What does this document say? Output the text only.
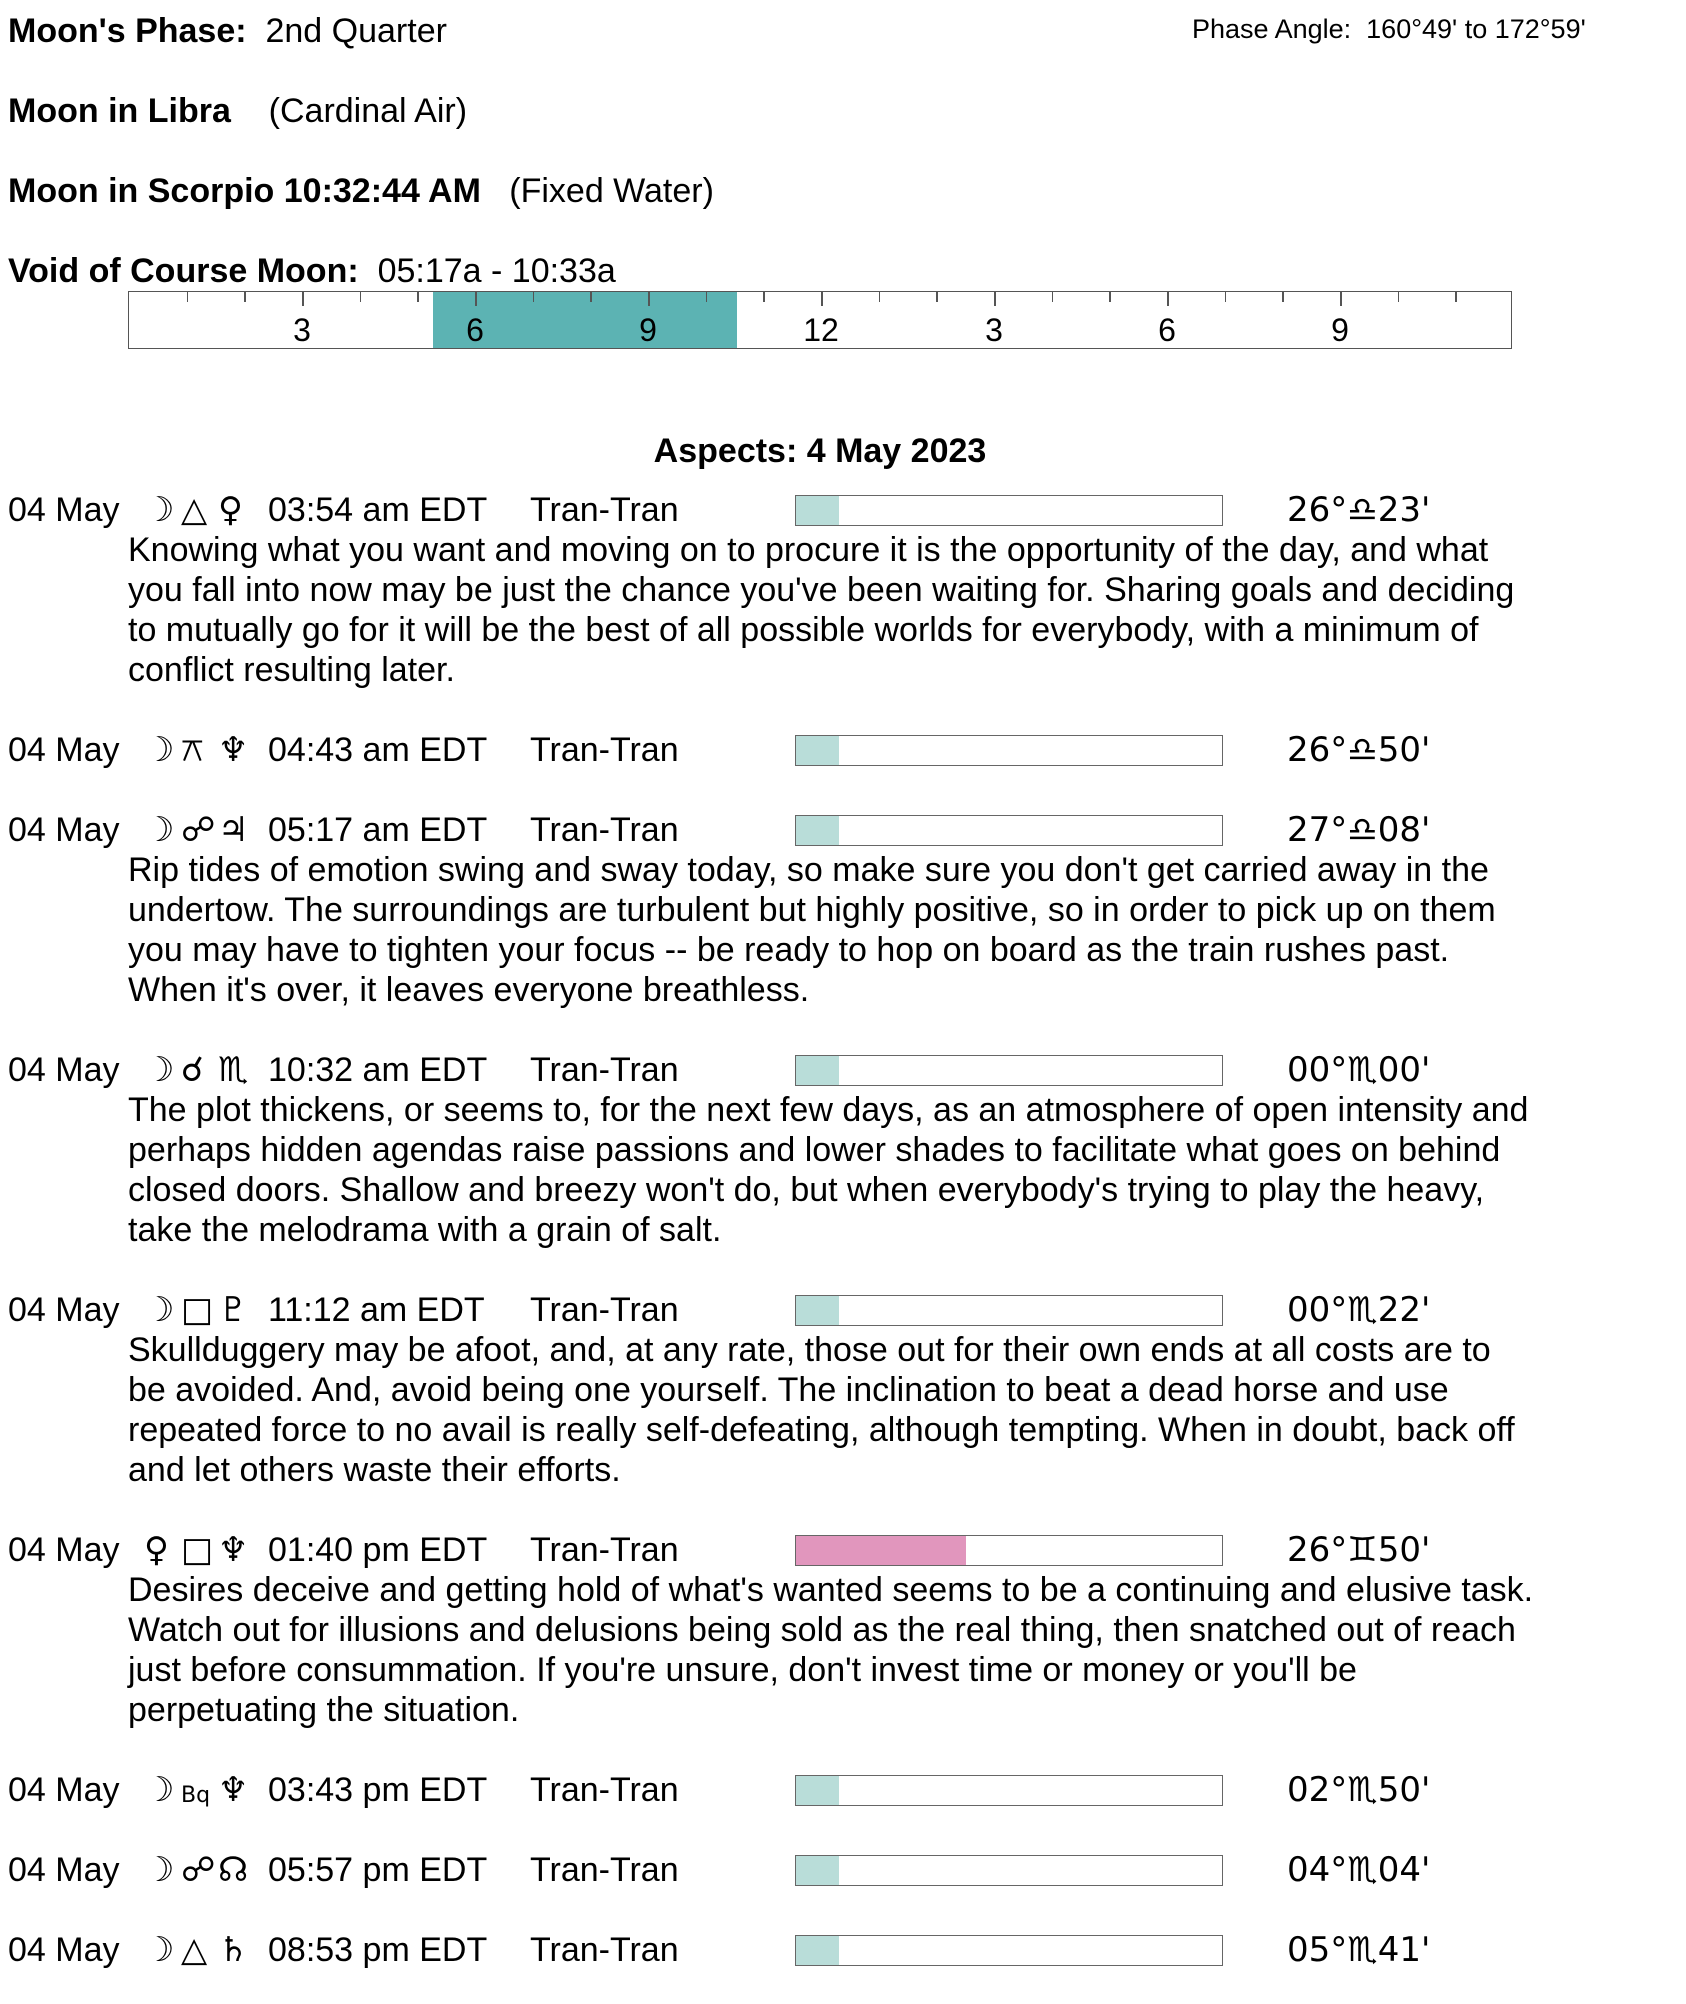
Moon's Phase: 2nd Quarter	Phase Angle: 160°49' to 172°59'
Moon in Libra (Cardinal Air)
Moon in Scorpio 10:32:44 AM (Fixed Water)
Void of Course Moon: 05:17a - 10:33a
3	6	9	12	3	6	9
Aspects: 4 May 2023
04 May ☽ △ ♀ 03:54 am EDT Tran-Tran	26°♎23'
Knowing what you want and moving on to procure it is the opportunity of the day, and what
you fall into now may be just the chance you've been waiting for. Sharing goals and deciding
to mutually go for it will be the best of all possible worlds for everybody, with a minimum of
conflict resulting later.
04 May ☽ ⚻ ♆ 04:43 am EDT Tran-Tran	26°♎50'
04 May ☽ ☍ ♃ 05:17 am EDT Tran-Tran	27°♎08'
Rip tides of emotion swing and sway today, so make sure you don't get carried away in the
undertow. The surroundings are turbulent but highly positive, so in order to pick up on them
you may have to tighten your focus -- be ready to hop on board as the train rushes past.
When it's over, it leaves everyone breathless.
04 May ☽ ☌ ♏ 10:32 am EDT Tran-Tran	00°♏00'
The plot thickens, or seems to, for the next few days, as an atmosphere of open intensity and
perhaps hidden agendas raise passions and lower shades to facilitate what goes on behind
closed doors. Shallow and breezy won't do, but when everybody's trying to play the heavy,
take the melodrama with a grain of salt.
04 May ☽ □ ♇ 11:12 am EDT Tran-Tran	00°♏22'
Skullduggery may be afoot, and, at any rate, those out for their own ends at all costs are to
be avoided. And, avoid being one yourself. The inclination to beat a dead horse and use
repeated force to no avail is really self-defeating, although tempting. When in doubt, back off
and let others waste their efforts.
04 May ♀ □ ♆ 01:40 pm EDT Tran-Tran	26°♊50'
Desires deceive and getting hold of what's wanted seems to be a continuing and elusive task.
Watch out for illusions and delusions being sold as the real thing, then snatched out of reach
just before consummation. If you're unsure, don't invest time or money or you'll be
perpetuating the situation.
04 May ☽ Bq ♆ 03:43 pm EDT Tran-Tran	02°♏50'
04 May ☽ ☍ ☊ 05:57 pm EDT Tran-Tran	04°♏04'
04 May ☽ △ ♄ 08:53 pm EDT Tran-Tran	05°♏41'
